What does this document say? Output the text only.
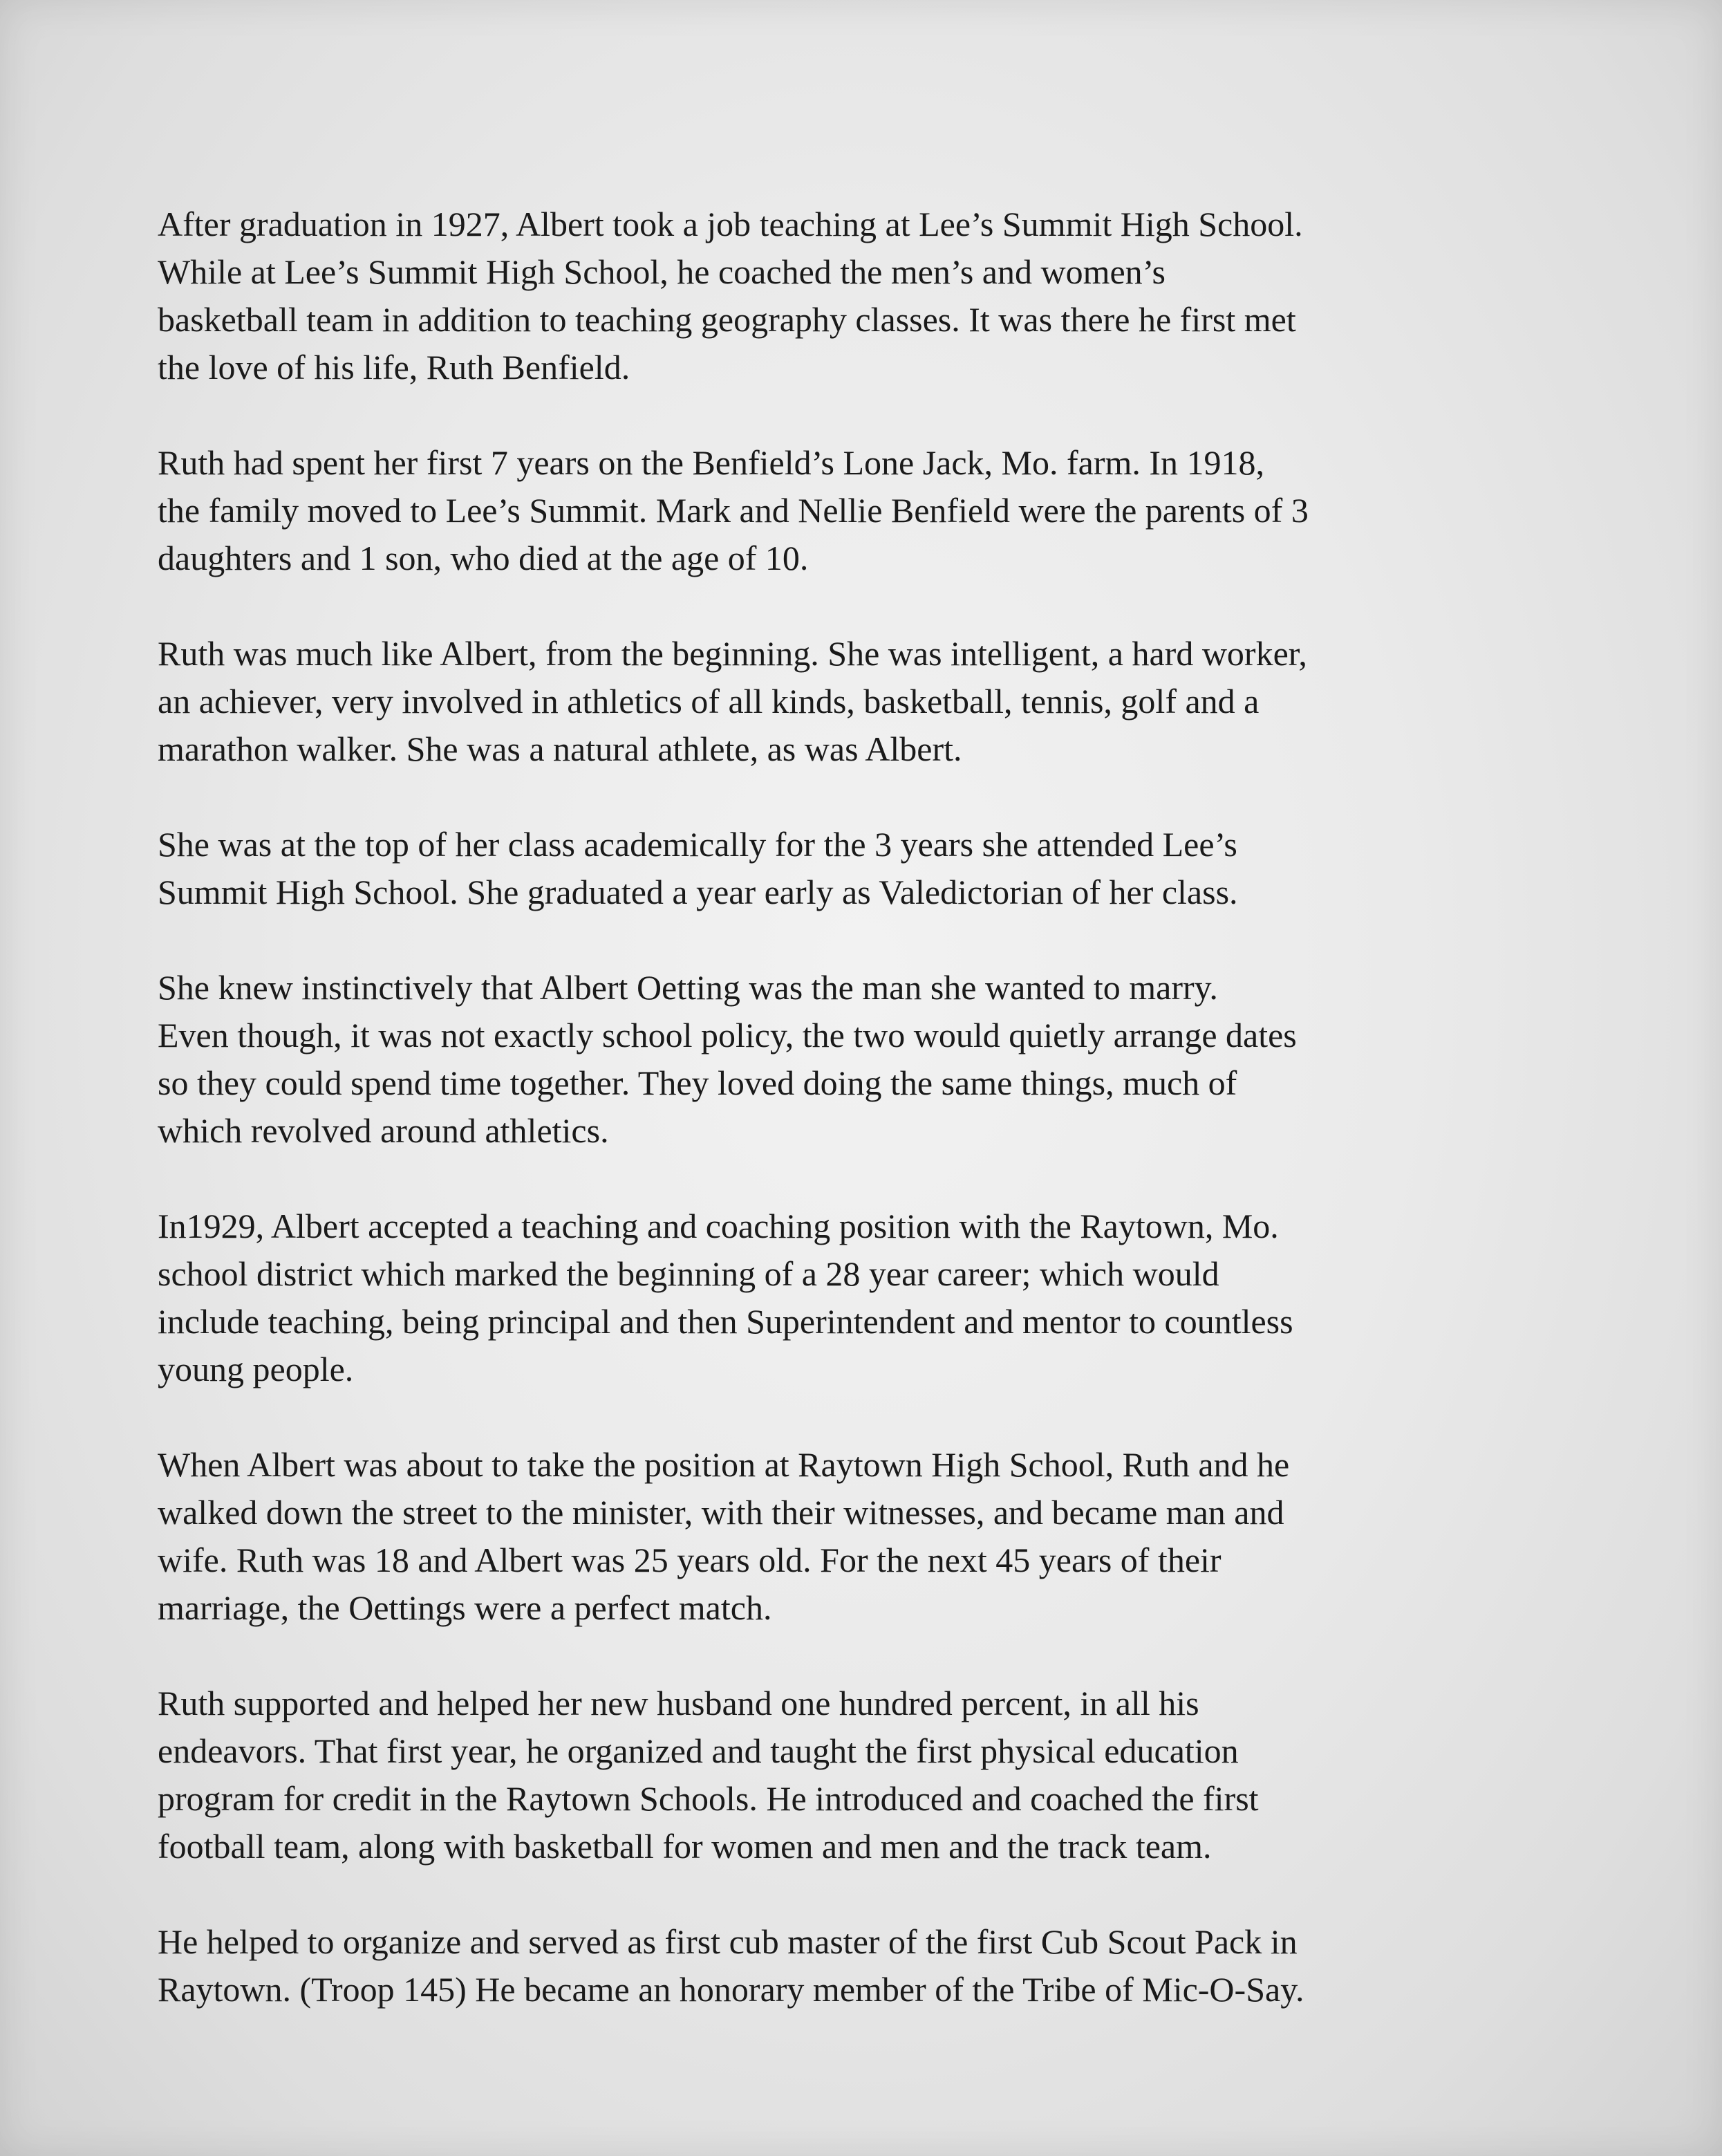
After graduation in 1927, Albert took a job teaching at Lee’s Summit High School.
While at Lee’s Summit High School, he coached the men’s and women’s
basketball team in addition to teaching geography classes. It was there he first met
the love of his life, Ruth Benfield.

Ruth had spent her first 7 years on the Benfield’s Lone Jack, Mo. farm. In 1918,
the family moved to Lee’s Summit. Mark and Nellie Benfield were the parents of 3
daughters and 1 son, who died at the age of 10.

Ruth was much like Albert, from the beginning. She was intelligent, a hard worker,
an achiever, very involved in athletics of all kinds, basketball, tennis, golf and a
marathon walker. She was a natural athlete, as was Albert.

She was at the top of her class academically for the 3 years she attended Lee’s
Summit High School. She graduated a year early as Valedictorian of her class.

She knew instinctively that Albert Oetting was the man she wanted to marry.
Even though, it was not exactly school policy, the two would quietly arrange dates
so they could spend time together. They loved doing the same things, much of
which revolved around athletics.

In1929, Albert accepted a teaching and coaching position with the Raytown, Mo.
school district which marked the beginning of a 28 year career; which would
include teaching, being principal and then Superintendent and mentor to countless
young people.

When Albert was about to take the position at Raytown High School, Ruth and he
walked down the street to the minister, with their witnesses, and became man and
wife. Ruth was 18 and Albert was 25 years old. For the next 45 years of their
marriage, the Oettings were a perfect match.

Ruth supported and helped her new husband one hundred percent, in all his
endeavors. That first year, he organized and taught the first physical education
program for credit in the Raytown Schools. He introduced and coached the first
football team, along with basketball for women and men and the track team.

He helped to organize and served as first cub master of the first Cub Scout Pack in
Raytown. (Troop 145) He became an honorary member of the Tribe of Mic-O-Say.
